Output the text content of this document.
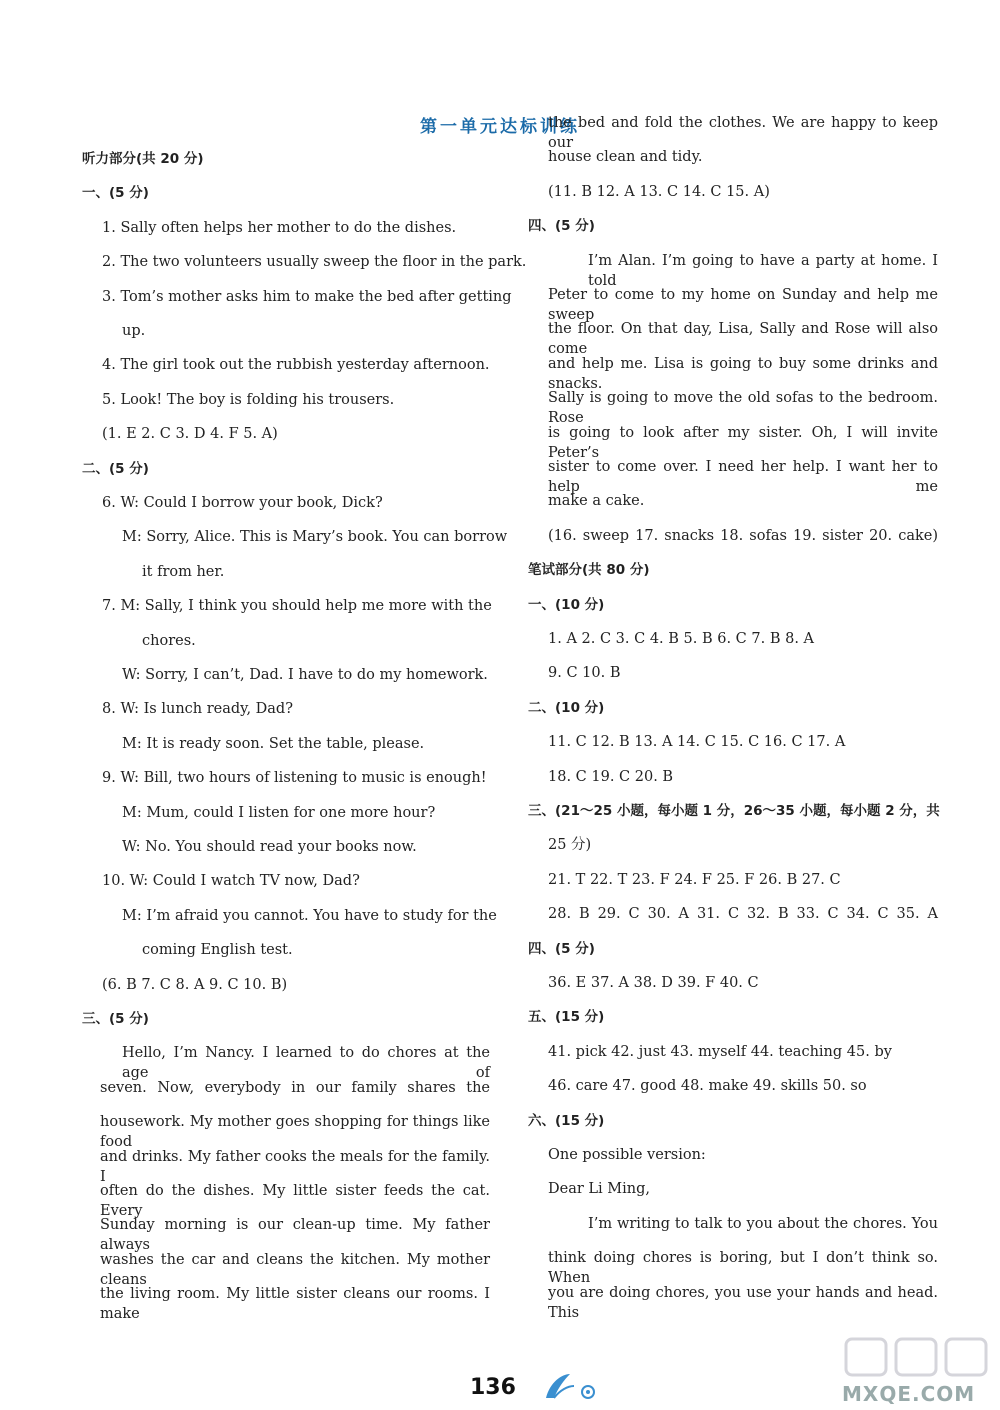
第一单元达标训练
听力部分(共 20 分)
一、(5 分)
1. Sally often helps her mother to do the dishes.
2. The two volunteers usually sweep the floor in the park.
3. Tom’s mother asks him to make the bed after getting
up.
4. The girl took out the rubbish yesterday afternoon.
5. Look! The boy is folding his trousers.
(1. E 2. C 3. D 4. F 5. A)
二、(5 分)
6. W: Could I borrow your book, Dick?
M: Sorry, Alice. This is Mary’s book. You can borrow
it from her.
7. M: Sally, I think you should help me more with the
chores.
W: Sorry, I can’t, Dad. I have to do my homework.
8. W: Is lunch ready, Dad?
M: It is ready soon. Set the table, please.
9. W: Bill, two hours of listening to music is enough!
M: Mum, could I listen for one more hour?
W: No. You should read your books now.
10. W: Could I watch TV now, Dad?
M: I’m afraid you cannot. You have to study for the
coming English test.
(6. B 7. C 8. A 9. C 10. B)
三、(5 分)
Hello, I’m Nancy. I learned to do chores at the age of
seven. Now, everybody in our family shares the
housework. My mother goes shopping for things like food
and drinks. My father cooks the meals for the family. I
often do the dishes. My little sister feeds the cat. Every
Sunday morning is our clean-up time. My father always
washes the car and cleans the kitchen. My mother cleans
the living room. My little sister cleans our rooms. I make
the bed and fold the clothes. We are happy to keep our
house clean and tidy.
(11. B 12. A 13. C 14. C 15. A)
四、(5 分)
I’m Alan. I’m going to have a party at home. I told
Peter to come to my home on Sunday and help me sweep
the floor. On that day, Lisa, Sally and Rose will also come
and help me. Lisa is going to buy some drinks and snacks.
Sally is going to move the old sofas to the bedroom. Rose
is going to look after my sister. Oh, I will invite Peter’s
sister to come over. I need her help. I want her to help me
make a cake.
(16. sweep 17. snacks 18. sofas 19. sister 20. cake)
笔试部分(共 80 分)
一、(10 分)
1. A 2. C 3. C 4. B 5. B 6. C 7. B 8. A
9. C 10. B
二、(10 分)
11. C 12. B 13. A 14. C 15. C 16. C 17. A
18. C 19. C 20. B
三、(21～25 小题，每小题 1 分，26～35 小题，每小题 2 分，共
25 分)
21. T 22. T 23. F 24. F 25. F 26. B 27. C
28. B 29. C 30. A 31. C 32. B 33. C 34. C 35. A
四、(5 分)
36. E 37. A 38. D 39. F 40. C
五、(15 分)
41. pick 42. just 43. myself 44. teaching 45. by
46. care 47. good 48. make 49. skills 50. so
六、(15 分)
One possible version:
Dear Li Ming,
I’m writing to talk to you about the chores. You
think doing chores is boring, but I don’t think so. When
you are doing chores, you use your hands and head. This
136	MXQE.COM
